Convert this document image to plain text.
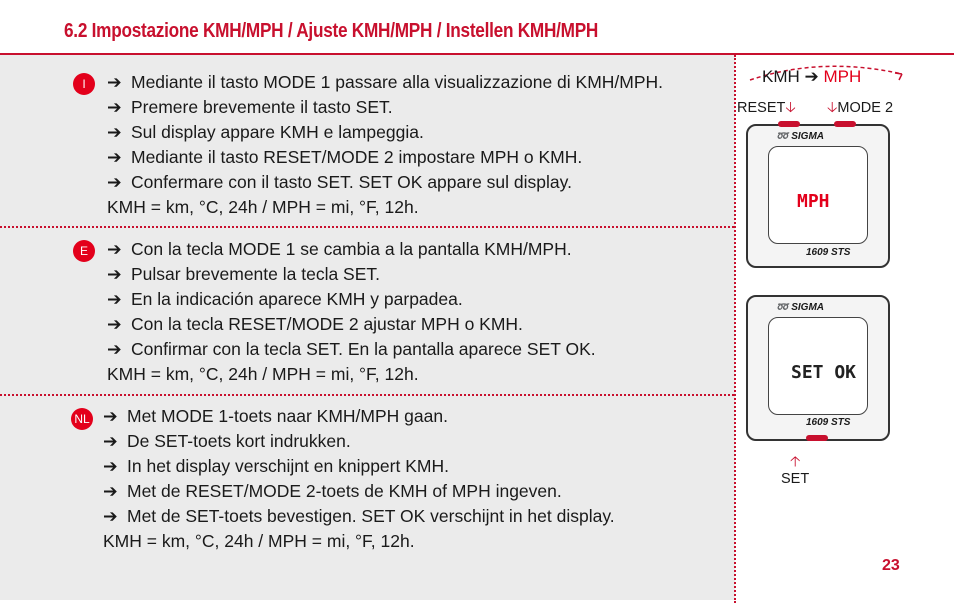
6.2 Impostazione KMH/MPH / Ajuste KMH/MPH / Instellen KMH/MPH
I	➔ Mediante il tasto MODE 1 passare alla visualizzazione di KMH/MPH.
➔ Premere brevemente il tasto SET.
➔ Sul display appare KMH e lampeggia.
➔ Mediante il tasto RESET/MODE 2 impostare MPH o KMH.
➔ Confermare con il tasto SET. SET OK appare sul display.
KMH = km, °C, 24h / MPH = mi, °F, 12h.
E	➔ Con la tecla MODE 1 se cambia a la pantalla KMH/MPH.
➔ Pulsar brevemente la tecla SET.
➔ En la indicación aparece KMH y parpadea.
➔ Con la tecla RESET/MODE 2 ajustar MPH o KMH.
➔ Confirmar con la tecla SET. En la pantalla aparece SET OK.
KMH = km, °C, 24h / MPH = mi, °F, 12h.
NL ➔ Met MODE 1-toets naar KMH/MPH gaan.
➔ De SET-toets kort indrukken.
➔ In het display verschijnt en knippert KMH.
➔ Met de RESET/MODE 2-toets de KMH of MPH ingeven.
➔ Met de SET-toets bevestigen. SET OK verschijnt in het display.
KMH = km, °C, 24h / MPH = mi, °F, 12h.
KMH ➔ MPH
RESET🡣 🡣MODE 2
➿ SIGMA
MPH
1609 STS
➿ SIGMA
SET OK
1609 STS
🡡
SET
23
